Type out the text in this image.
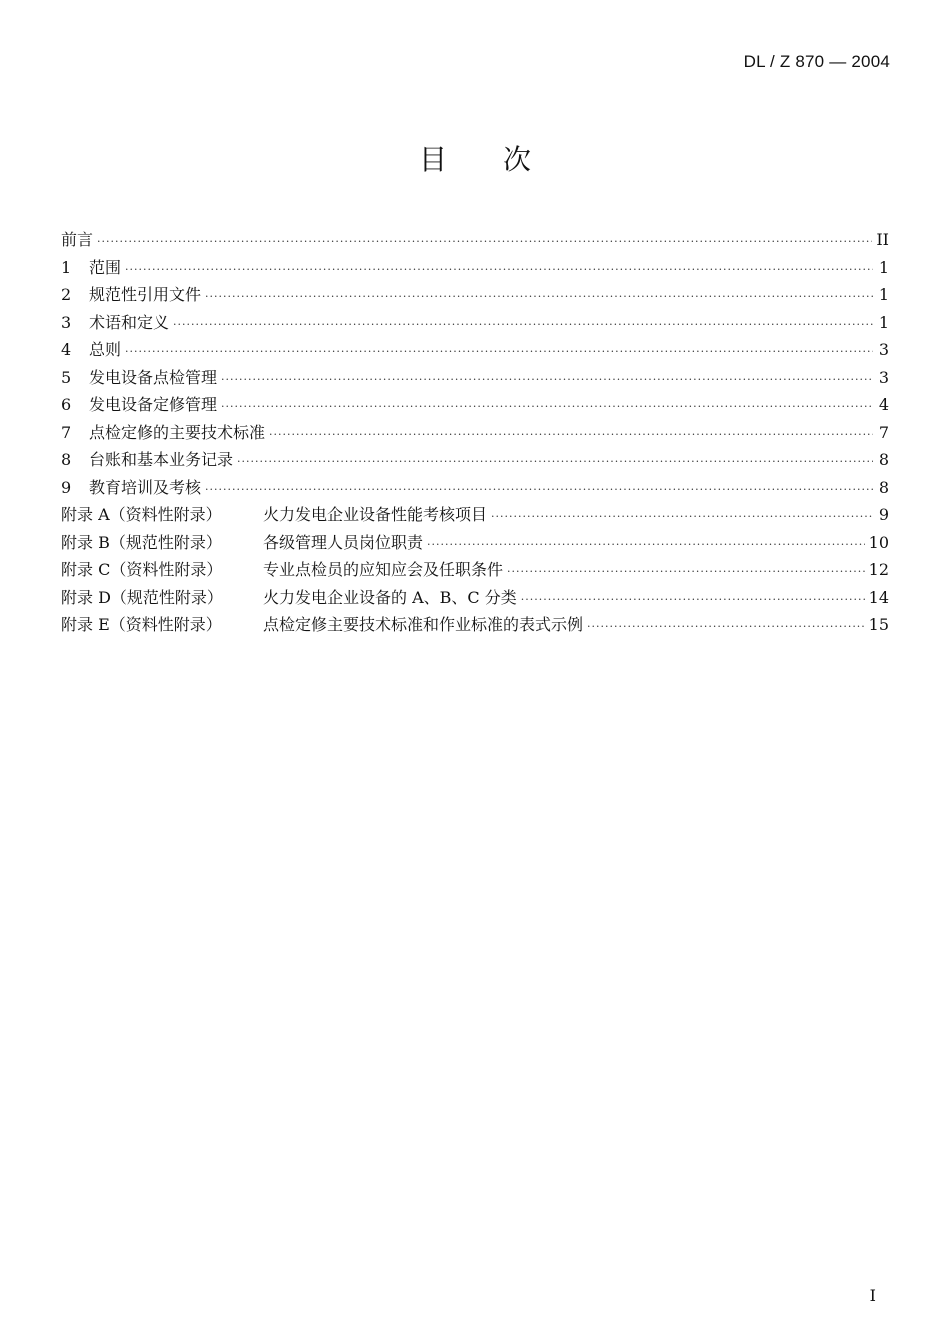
DL / Z 870 — 2004
目次
前言 ·····	II
1	范围 ·····	1
2	规范性引用文件 ·····	1
3	术语和定义 ·····	1
4	总则 ·····	3
5	发电设备点检管理 ·····	3
6	发电设备定修管理 ·····	4
7	点检定修的主要技术标准 ·····	7
8	台账和基本业务记录 ·····	8
9	教育培训及考核 ·····	8
附录 A（资料性附录）	火力发电企业设备性能考核项目 ·····	9
附录 B（规范性附录）	各级管理人员岗位职责 ·····	10
附录 C（资料性附录）	专业点检员的应知应会及任职条件 ·····	12
附录 D（规范性附录）	火力发电企业设备的 A、B、C 分类 ·····	14
附录 E（资料性附录）	点检定修主要技术标准和作业标准的表式示例 ·····	15
I
